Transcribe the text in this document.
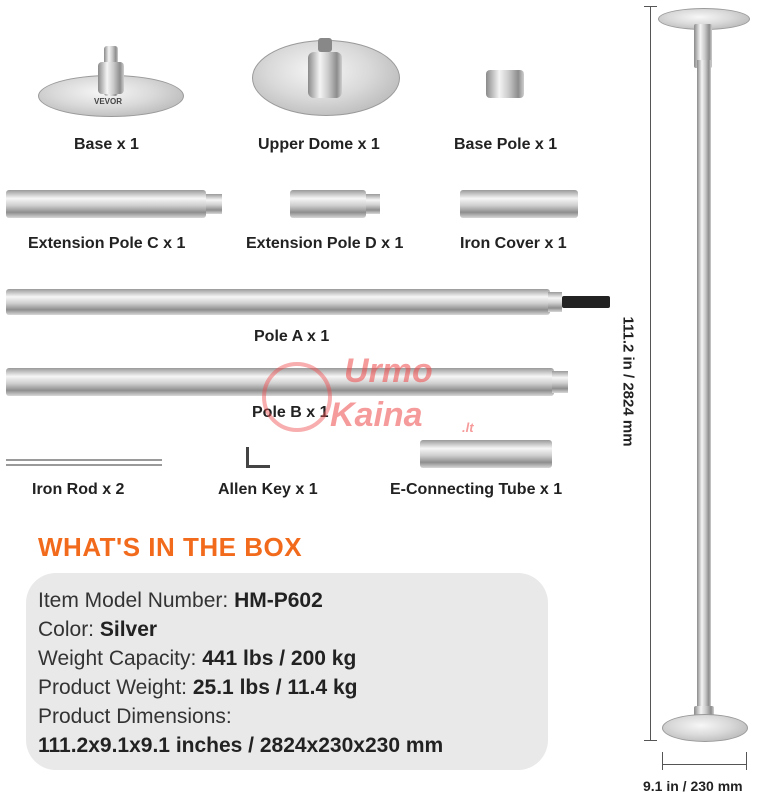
VEVOR
Base x 1	Upper Dome x 1	Base Pole x 1
Extension Pole C x 1	Extension Pole D x 1	Iron Cover x 1
Pole A x 1
Pole B x 1
Urmo
Kaina	.lt
Iron Rod x 2	Allen Key x 1	E-Connecting Tube x 1
WHAT'S IN THE BOX
Item Model Number: HM-P602
Color: Silver
Weight Capacity: 441 lbs / 200 kg
Product Weight: 25.1 lbs / 11.4 kg
Product Dimensions:
111.2x9.1x9.1 inches / 2824x230x230 mm
111.2 in / 2824 mm
9.1 in / 230 mm
